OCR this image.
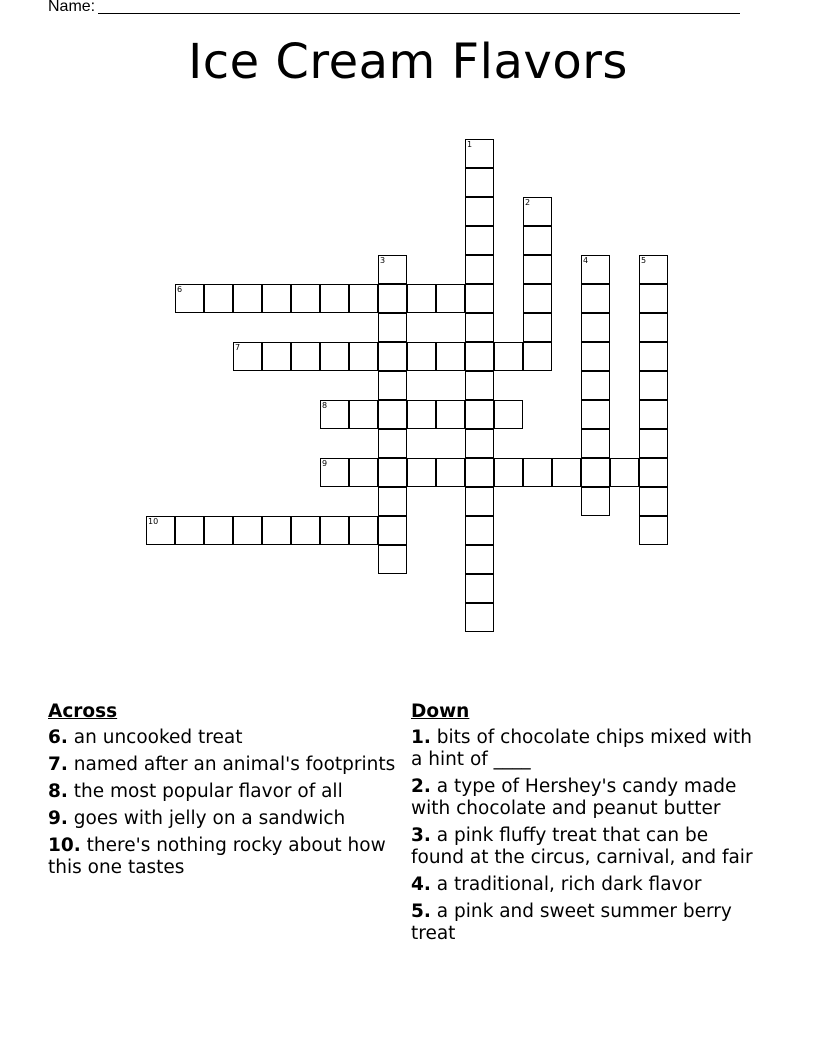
Name:
Ice Cream Flavors
1
2
3	4	5
6
7
8
9
10
Across
6. an uncooked treat
7. named after an animal's footprints
8. the most popular flavor of all
9. goes with jelly on a sandwich
10. there's nothing rocky about how this one tastes
Down
1. bits of chocolate chips mixed with a hint of ____
2. a type of Hershey's candy made with chocolate and peanut butter
3. a pink fluffy treat that can be found at the circus, carnival, and fair
4. a traditional, rich dark flavor
5. a pink and sweet summer berry treat
